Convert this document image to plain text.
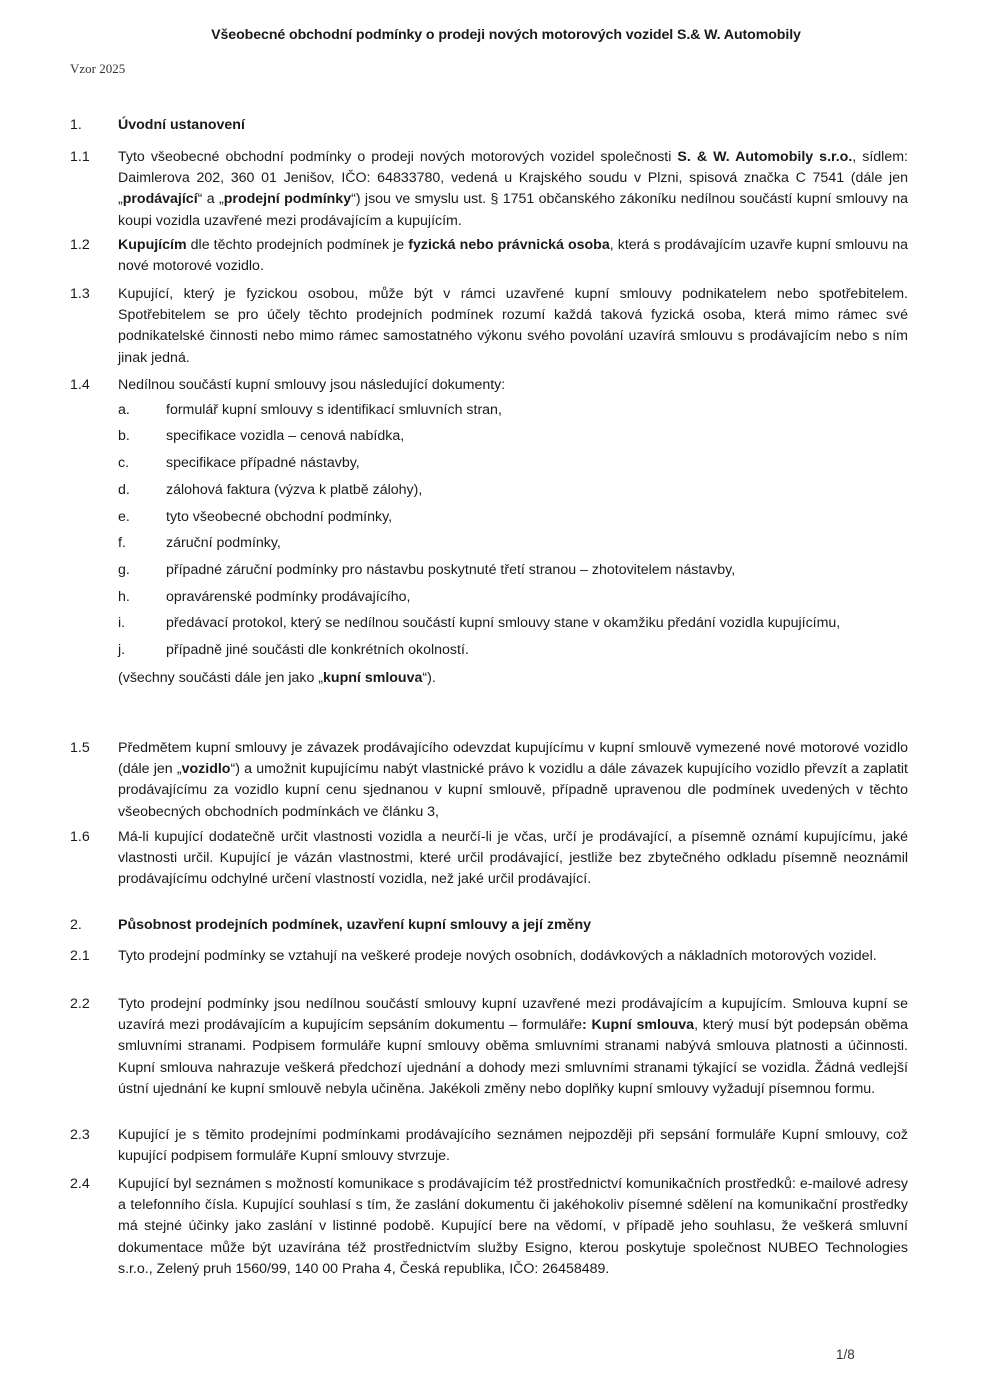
Všeobecné obchodní podmínky o prodeji nových motorových vozidel S.& W. Automobily
Vzor 2025
1.	Úvodní ustanovení
1.1 Tyto všeobecné obchodní podmínky o prodeji nových motorových vozidel společnosti S. & W. Automobily s.r.o., sídlem: Daimlerova 202, 360 01 Jenišov, IČO: 64833780, vedená u Krajského soudu v Plzni, spisová značka C 7541 (dále jen „prodávající“ a „prodejní podmínky“) jsou ve smyslu ust. § 1751 občanského zákoníku nedílnou součástí kupní smlouvy na koupi vozidla uzavřené mezi prodávajícím a kupujícím.
1.2 Kupujícím dle těchto prodejních podmínek je fyzická nebo právnická osoba, která s prodávajícím uzavře kupní smlouvu na nové motorové vozidlo.
1.3 Kupující, který je fyzickou osobou, může být v rámci uzavřené kupní smlouvy podnikatelem nebo spotřebitelem. Spotřebitelem se pro účely těchto prodejních podmínek rozumí každá taková fyzická osoba, která mimo rámec své podnikatelské činnosti nebo mimo rámec samostatného výkonu svého povolání uzavírá smlouvu s prodávajícím nebo s ním jinak jedná.
1.4 Nedílnou součástí kupní smlouvy jsou následující dokumenty:
a.	formulář kupní smlouvy s identifikací smluvních stran,
b.	specifikace vozidla – cenová nabídka,
c.	specifikace případné nástavby,
d.	zálohová faktura (výzva k platbě zálohy),
e.	tyto všeobecné obchodní podmínky,
f.	záruční podmínky,
g.	případné záruční podmínky pro nástavbu poskytnuté třetí stranou – zhotovitelem nástavby,
h.	opravárenské podmínky prodávajícího,
i.	předávací protokol, který se nedílnou součástí kupní smlouvy stane v okamžiku předání vozidla kupujícímu,
j.	případně jiné součásti dle konkrétních okolností.
(všechny součásti dále jen jako „kupní smlouva“).
1.5 Předmětem kupní smlouvy je závazek prodávajícího odevzdat kupujícímu v kupní smlouvě vymezené nové motorové vozidlo (dále jen „vozidlo“) a umožnit kupujícímu nabýt vlastnické právo k vozidlu a dále závazek kupujícího vozidlo převzít a zaplatit prodávajícímu za vozidlo kupní cenu sjednanou v kupní smlouvě, případně upravenou dle podmínek uvedených v těchto všeobecných obchodních podmínkách ve článku 3,
1.6 Má-li kupující dodatečně určit vlastnosti vozidla a neurčí-li je včas, určí je prodávající, a písemně oznámí kupujícímu, jaké vlastnosti určil. Kupující je vázán vlastnostmi, které určil prodávající, jestliže bez zbytečného odkladu písemně neoznámil prodávajícímu odchylné určení vlastností vozidla, než jaké určil prodávající.
2.	Působnost prodejních podmínek, uzavření kupní smlouvy a její změny
2.1 Tyto prodejní podmínky se vztahují na veškeré prodeje nových osobních, dodávkových a nákladních motorových vozidel.
2.2 Tyto prodejní podmínky jsou nedílnou součástí smlouvy kupní uzavřené mezi prodávajícím a kupujícím. Smlouva kupní se uzavírá mezi prodávajícím a kupujícím sepsáním dokumentu – formuláře: Kupní smlouva, který musí být podepsán oběma smluvními stranami. Podpisem formuláře kupní smlouvy oběma smluvními stranami nabývá smlouva platnosti a účinnosti. Kupní smlouva nahrazuje veškerá předchozí ujednání a dohody mezi smluvními stranami týkající se vozidla. Žádná vedlejší ústní ujednání ke kupní smlouvě nebyla učiněna. Jakékoli změny nebo doplňky kupní smlouvy vyžadují písemnou formu.
2.3 Kupující je s těmito prodejními podmínkami prodávajícího seznámen nejpozději při sepsání formuláře Kupní smlouvy, což kupující podpisem formuláře Kupní smlouvy stvrzuje.
2.4 Kupující byl seznámen s možností komunikace s prodávajícím též prostřednictví komunikačních prostředků: e-mailové adresy a telefonního čísla. Kupující souhlasí s tím, že zaslání dokumentu či jakéhokoliv písemné sdělení na komunikační prostředky má stejné účinky jako zaslání v listinné podobě. Kupující bere na vědomí, v případě jeho souhlasu, že veškerá smluvní dokumentace může být uzavírána též prostřednictvím služby Esigno, kterou poskytuje společnost NUBEO Technologies s.r.o., Zelený pruh 1560/99, 140 00 Praha 4, Česká republika, IČO: 26458489.
1/8
